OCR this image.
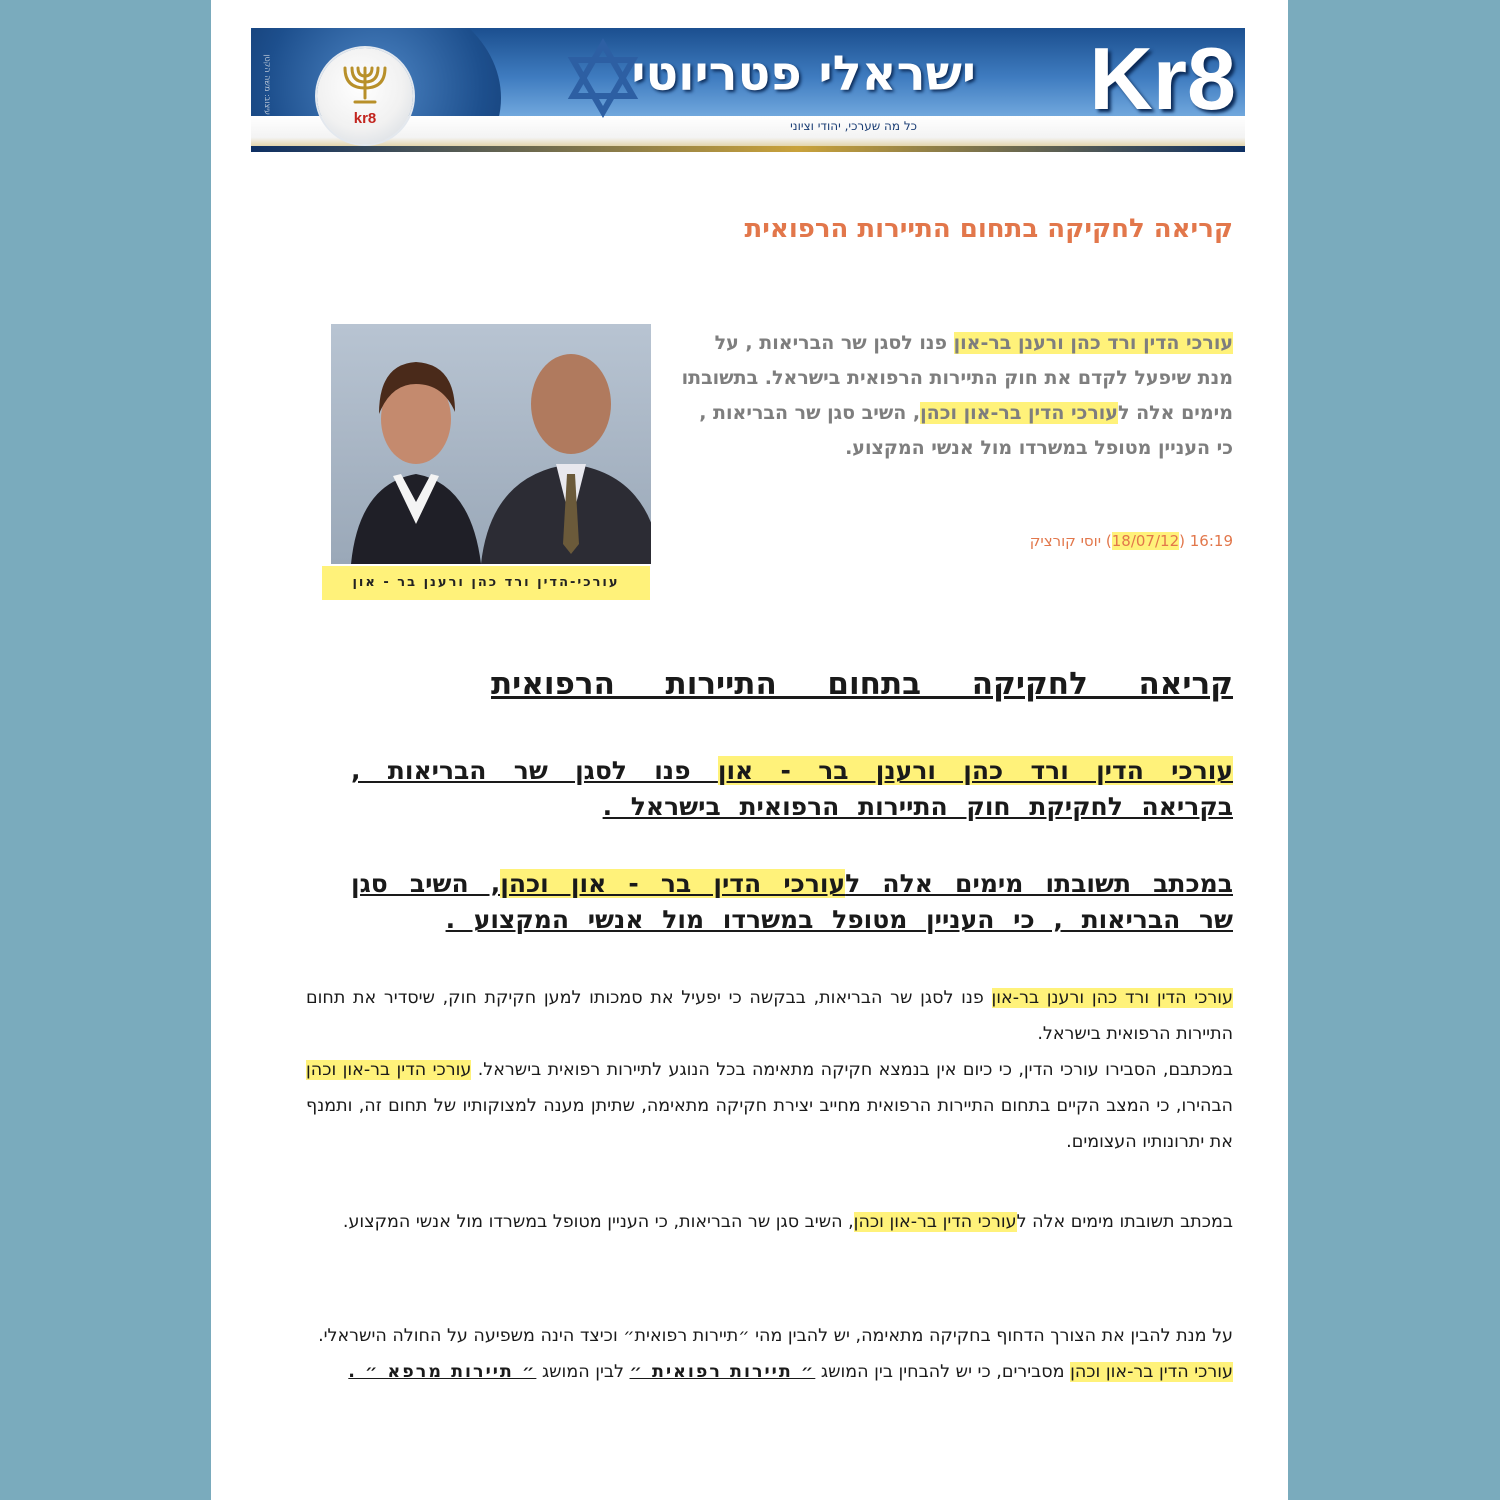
kr8
ישראלי פטריוטי	Kr8
כל מה שערכי, יהודי וציוני
עיצוב: משה הקטן
קריאה לחקיקה בתחום התיירות הרפואית
עורכי-הדין ורד כהן ורענן בר - און
עורכי הדין ורד כהן ורענן בר-און פנו לסגן שר הבריאות , על מנת שיפעל לקדם את חוק התיירות הרפואית בישראל. בתשובתו מימים אלה לעורכי הדין בר-און וכהן, השיב סגן שר הבריאות , כי העניין מטופל במשרדו מול אנשי המקצוע.
16:19 (18/07/12) יוסי קורציק
קריאה לחקיקה בתחום התיירות הרפואית
עורכי הדין ורד כהן ורענן בר - און פנו לסגן שר הבריאות , בקריאה לחקיקת חוק התיירות הרפואית בישראל .
במכתב תשובתו מימים אלה לעורכי הדין בר - און וכהן, השיב סגן שר הבריאות , כי העניין מטופל במשרדו מול אנשי המקצוע .

עורכי הדין ורד כהן ורענן בר-און פנו לסגן שר הבריאות, בבקשה כי יפעיל את סמכותו למען חקיקת חוק, שיסדיר את תחום התיירות הרפואית בישראל.

במכתבם, הסבירו עורכי הדין, כי כיום אין בנמצא חקיקה מתאימה בכל הנוגע לתיירות רפואית בישראל. עורכי הדין בר-און וכהן הבהירו, כי המצב הקיים בתחום התיירות הרפואית מחייב יצירת חקיקה מתאימה, שתיתן מענה למצוקותיו של תחום זה, ותמנף את יתרונותיו העצומים.

במכתב תשובתו מימים אלה לעורכי הדין בר-און וכהן, השיב סגן שר הבריאות, כי העניין מטופל במשרדו מול אנשי המקצוע.

על מנת להבין את הצורך הדחוף בחקיקה מתאימה, יש להבין מהי ״תיירות רפואית״ וכיצד הינה משפיעה על החולה הישראלי.

עורכי הדין בר-און וכהן מסבירים, כי יש להבחין בין המושג ״ תיירות רפואית ״ לבין המושג ״ תיירות מרפא ״ .
